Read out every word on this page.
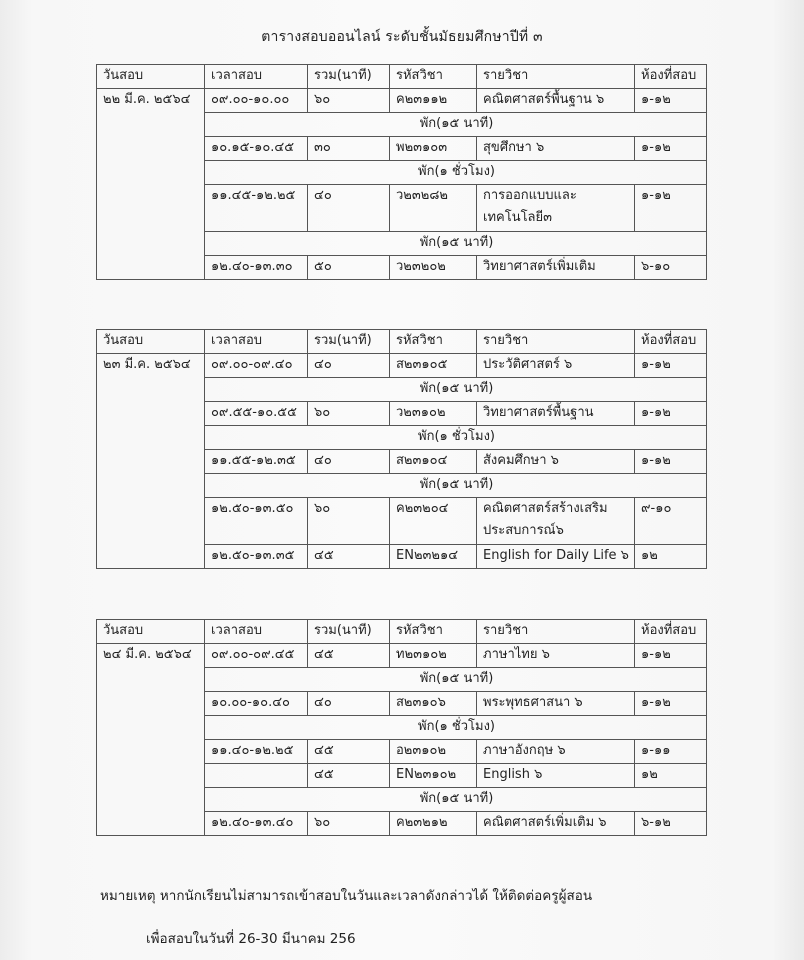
ตารางสอบออนไลน์ ระดับชั้นมัธยมศึกษาปีที่ ๓
วันสอบ	เวลาสอบ	รวม(นาที)	รหัสวิชา	รายวิชา	ห้องที่สอบ
๒๒ มี.ค. ๒๕๖๔	๐๙.๐๐-๑๐.๐๐	๖๐	ค๒๓๑๑๒	คณิตศาสตร์พื้นฐาน ๖	๑-๑๒
	พัก(๑๕ นาที)				
	๑๐.๑๕-๑๐.๔๕	๓๐	พ๒๓๑๐๓	สุขศึกษา ๖	๑-๑๒
	พัก(๑ ชั่วโมง)				
	๑๑.๔๕-๑๒.๒๕	๔๐	ว๒๓๒๘๒	การออกแบบและเทคโนโลยี๓	๑-๑๒
	พัก(๑๕ นาที)				
	๑๒.๔๐-๑๓.๓๐	๕๐	ว๒๓๒๐๒	วิทยาศาสตร์เพิ่มเติม	๖-๑๐
วันสอบ	เวลาสอบ	รวม(นาที)	รหัสวิชา	รายวิชา	ห้องที่สอบ
๒๓ มี.ค. ๒๕๖๔	๐๙.๐๐-๐๙.๔๐	๔๐	ส๒๓๑๐๕	ประวัติศาสตร์ ๖	๑-๑๒
	พัก(๑๕ นาที)				
	๐๙.๕๕-๑๐.๕๕	๖๐	ว๒๓๑๐๒	วิทยาศาสตร์พื้นฐาน	๑-๑๒
	พัก(๑ ชั่วโมง)				
	๑๑.๕๕-๑๒.๓๕	๔๐	ส๒๓๑๐๔	สังคมศึกษา ๖	๑-๑๒
	พัก(๑๕ นาที)				
	๑๒.๕๐-๑๓.๕๐	๖๐	ค๒๓๒๐๔	คณิตศาสตร์สร้างเสริมประสบการณ์๖	๙-๑๐
	๑๒.๕๐-๑๓.๓๕	๔๕	EN๒๓๒๑๔	English for Daily Life ๖	๑๒
วันสอบ	เวลาสอบ	รวม(นาที)	รหัสวิชา	รายวิชา	ห้องที่สอบ
๒๔ มี.ค. ๒๕๖๔	๐๙.๐๐-๐๙.๔๕	๔๕	ท๒๓๑๐๒	ภาษาไทย ๖	๑-๑๒
	พัก(๑๕ นาที)				
	๑๐.๐๐-๑๐.๔๐	๔๐	ส๒๓๑๐๖	พระพุทธศาสนา ๖	๑-๑๒
	พัก(๑ ชั่วโมง)				
	๑๑.๔๐-๑๒.๒๕	๔๕	อ๒๓๑๐๒	ภาษาอังกฤษ ๖	๑-๑๑
		๔๕	EN๒๓๑๐๒	English ๖	๑๒
	พัก(๑๕ นาที)				
	๑๒.๔๐-๑๓.๔๐	๖๐	ค๒๓๒๑๒	คณิตศาสตร์เพิ่มเติม ๖	๖-๑๒
หมายเหตุ หากนักเรียนไม่สามารถเข้าสอบในวันและเวลาดังกล่าวได้ ให้ติดต่อครูผู้สอน
เพื่อสอบในวันที่ 26-30 มีนาคม 256
